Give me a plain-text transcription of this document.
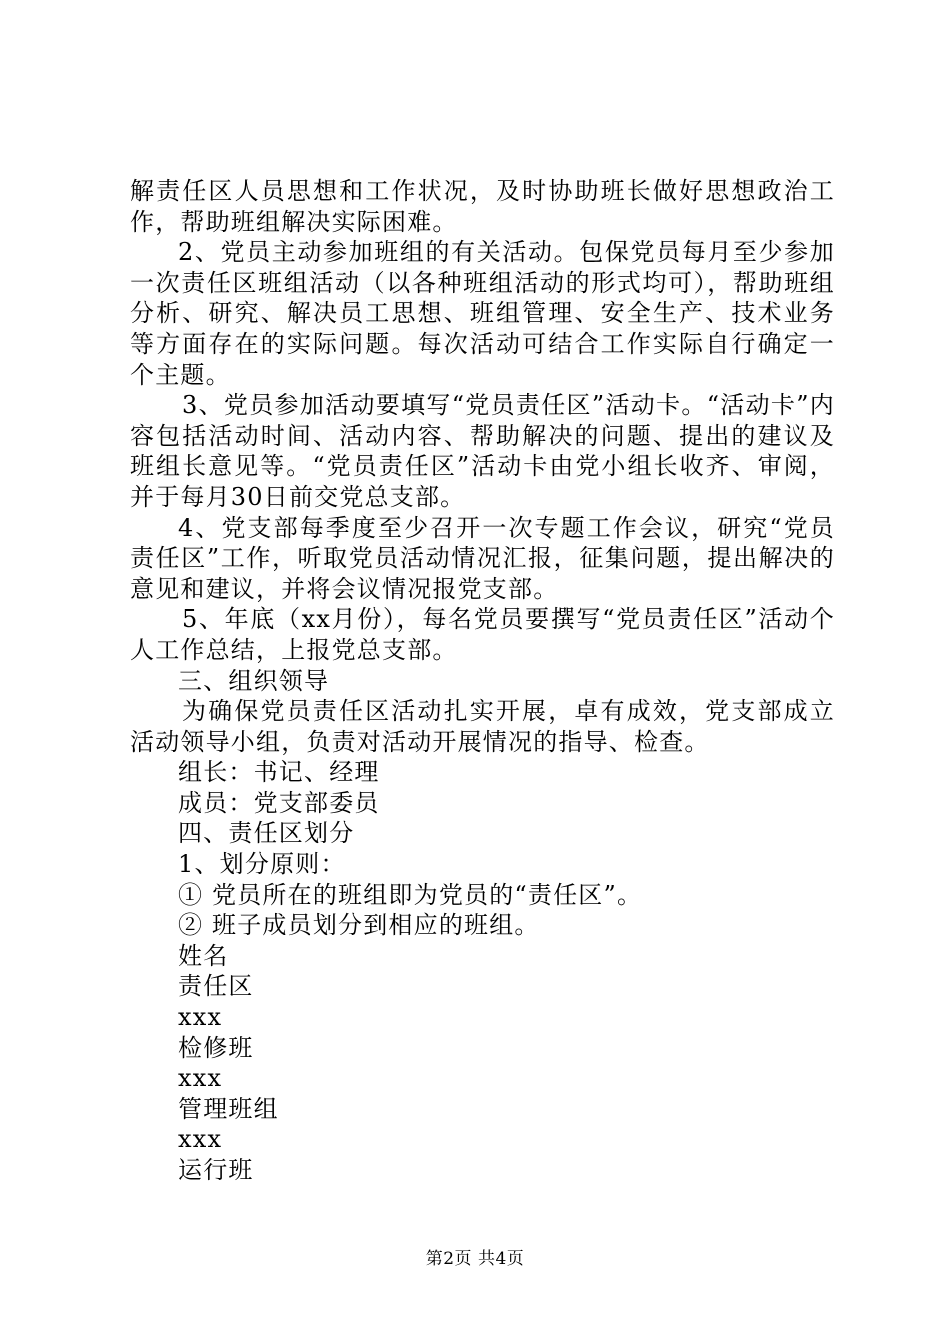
解责任区人员思想和工作状况，及时协助班长做好思想政治工作，帮助班组解决实际困难。

2、党员主动参加班组的有关活动。包保党员每月至少参加一次责任区班组活动（以各种班组活动的形式均可），帮助班组分析、研究、解决员工思想、班组管理、安全生产、技术业务等方面存在的实际问题。每次活动可结合工作实际自行确定一个主题。

3、党员参加活动要填写“党员责任区”活动卡。“活动卡”内容包括活动时间、活动内容、帮助解决的问题、提出的建议及班组长意见等。“党员责任区”活动卡由党小组长收齐、审阅，并于每月30日前交党总支部。

4、党支部每季度至少召开一次专题工作会议，研究“党员责任区”工作，听取党员活动情况汇报，征集问题，提出解决的意见和建议，并将会议情况报党支部。

5、年底（xx月份），每名党员要撰写“党员责任区”活动个人工作总结，上报党总支部。

三、组织领导

为确保党员责任区活动扎实开展，卓有成效，党支部成立活动领导小组，负责对活动开展情况的指导、检查。

组长：书记、经理

成员：党支部委员

四、责任区划分

1、划分原则：

① 党员所在的班组即为党员的“责任区”。

② 班子成员划分到相应的班组。

姓名

责任区

xxx

检修班

xxx

管理班组

xxx

运行班

第2页 共4页
